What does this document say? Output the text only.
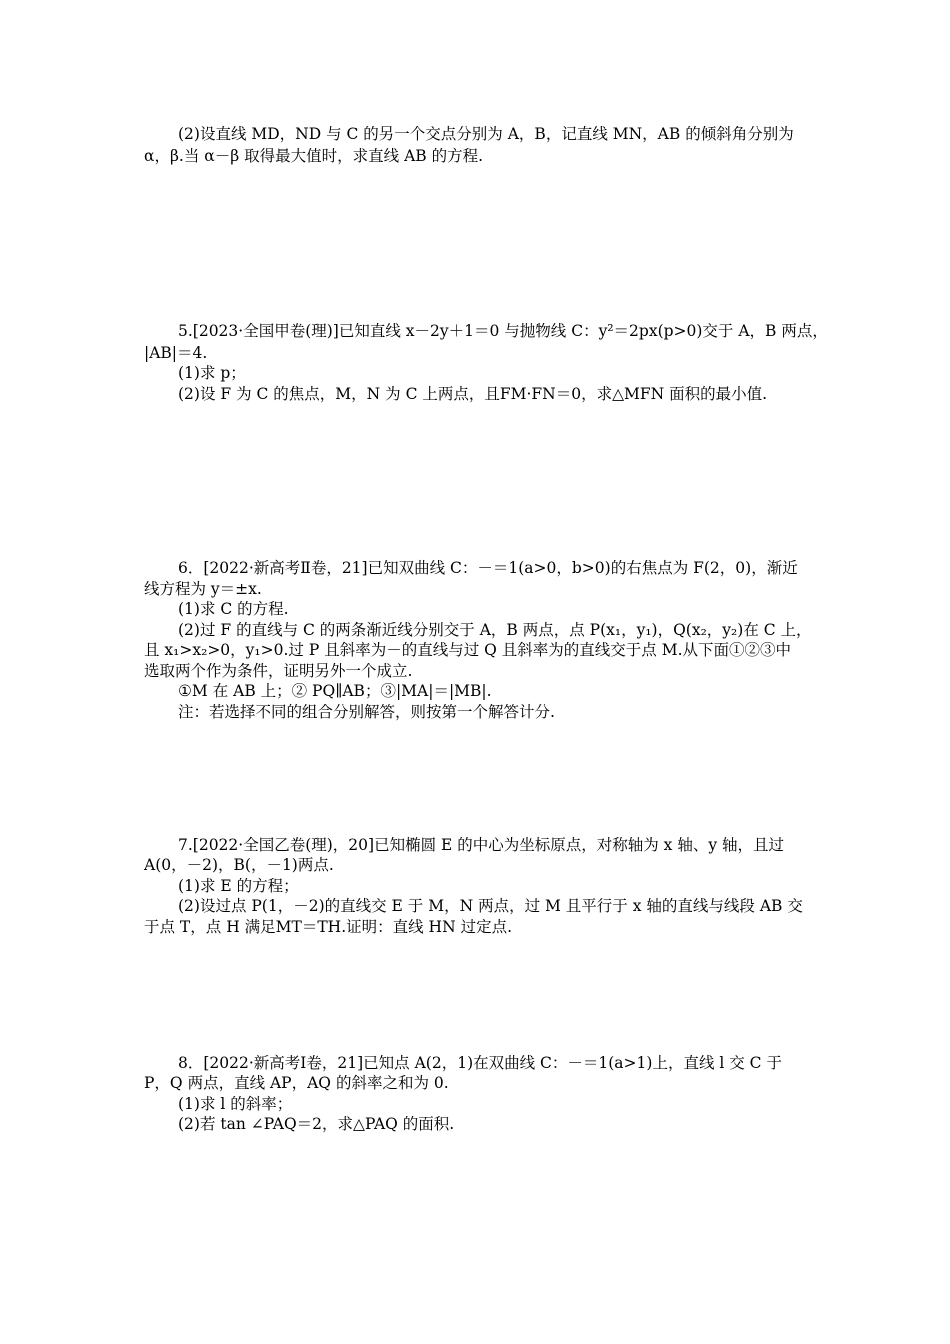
(2)设直线 MD，ND 与 C 的另一个交点分别为 A，B，记直线 MN，AB 的倾斜角分别为
α，β.当 α－β 取得最大值时，求直线 AB 的方程.
5.[2023·全国甲卷(理)]已知直线 x－2y＋1＝0 与抛物线 C：y²＝2px(p>0)交于 A，B 两点，
|AB|＝4.
(1)求 p；
(2)设 F 为 C 的焦点，M，N 为 C 上两点，且FM·FN＝0，求△MFN 面积的最小值.
6．[2022·新高考Ⅱ卷，21]已知双曲线 C：－＝1(a>0，b>0)的右焦点为 F(2，0)，渐近
线方程为 y＝±x.
(1)求 C 的方程.
(2)过 F 的直线与 C 的两条渐近线分别交于 A，B 两点，点 P(x₁，y₁)，Q(x₂，y₂)在 C 上，
且 x₁>x₂>0，y₁>0.过 P 且斜率为－的直线与过 Q 且斜率为的直线交于点 M.从下面①②③中
选取两个作为条件，证明另外一个成立.
①M 在 AB 上；② PQ∥AB；③|MA|＝|MB|.
注：若选择不同的组合分别解答，则按第一个解答计分.
7.[2022·全国乙卷(理)，20]已知椭圆 E 的中心为坐标原点，对称轴为 x 轴、y 轴，且过
A(0，－2)，B(，－1)两点.
(1)求 E 的方程；
(2)设过点 P(1，－2)的直线交 E 于 M，N 两点，过 M 且平行于 x 轴的直线与线段 AB 交
于点 T，点 H 满足MT＝TH.证明：直线 HN 过定点.
8．[2022·新高考Ⅰ卷，21]已知点 A(2，1)在双曲线 C：－＝1(a>1)上，直线 l 交 C 于
P，Q 两点，直线 AP，AQ 的斜率之和为 0.
(1)求 l 的斜率；
(2)若 tan ∠PAQ＝2，求△PAQ 的面积.
